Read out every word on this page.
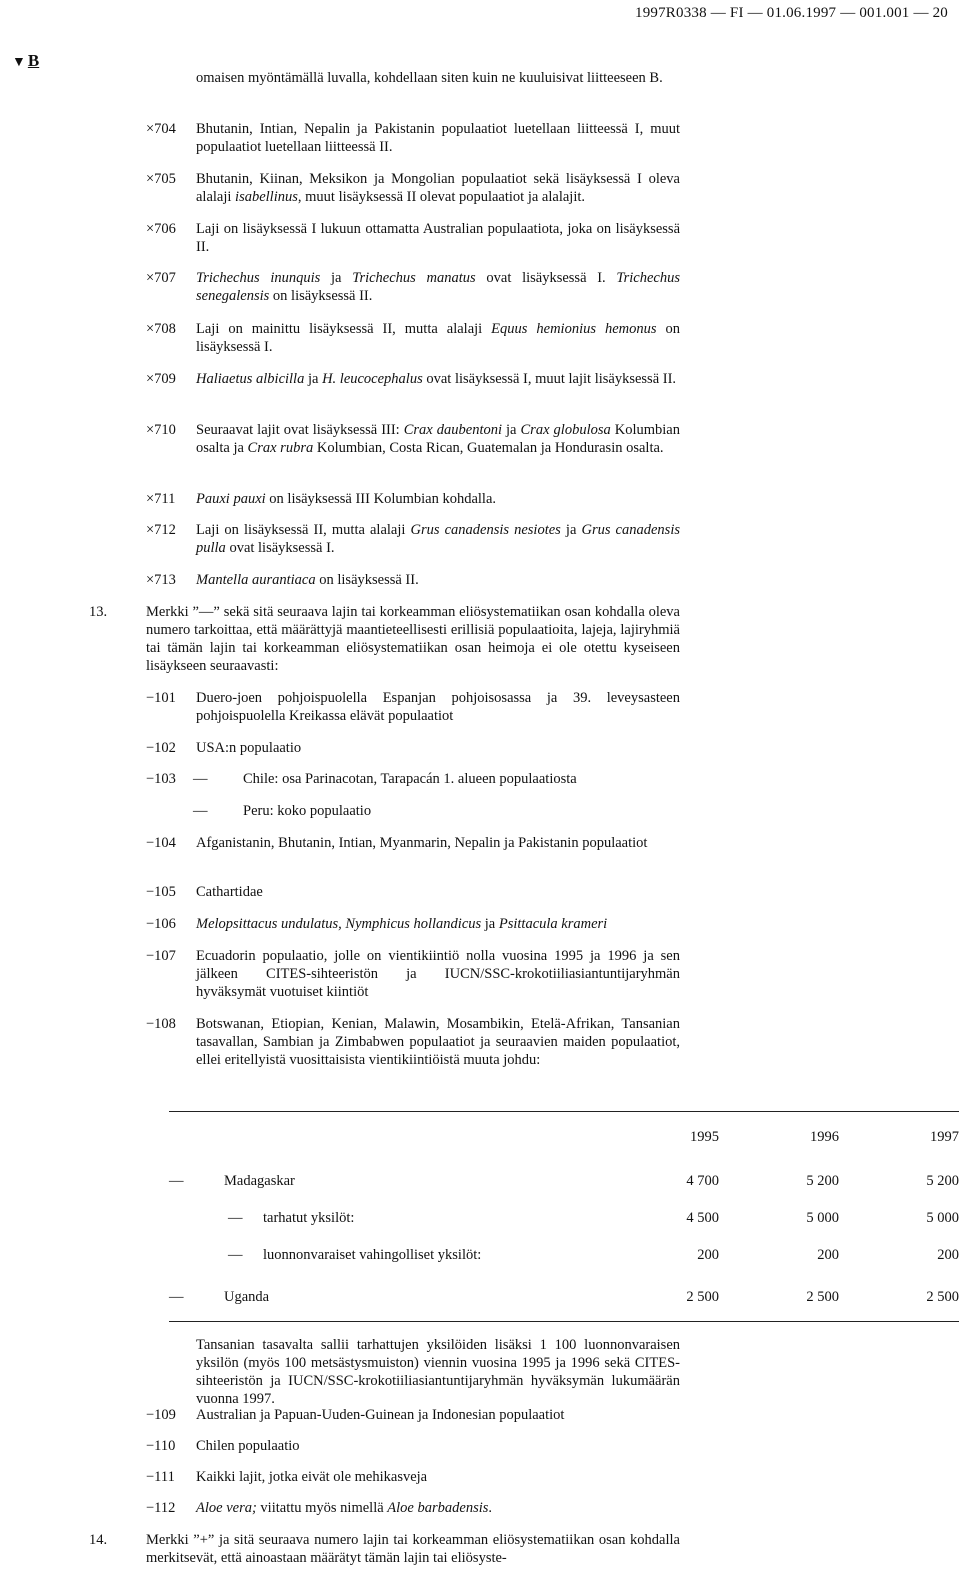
1997R0338 — FI — 01.06.1997 — 001.001 — 20
▼ B
omaisen myöntämällä luvalla, kohdellaan siten kuin ne kuuluisivat liitteeseen B.
×704	Bhutanin, Intian, Nepalin ja Pakistanin populaatiot luetellaan liitteessä I, muut populaatiot luetellaan liitteessä II.
×705	Bhutanin, Kiinan, Meksikon ja Mongolian populaatiot sekä lisäyksessä I oleva alalaji isabellinus, muut lisäyksessä II olevat populaatiot ja alalajit.
×706	Laji on lisäyksessä I lukuun ottamatta Australian populaatiota, joka on lisäyksessä II.
×707	Trichechus inunquis ja Trichechus manatus ovat lisäyksessä I. Trichechus senegalensis on lisäyksessä II.
×708	Laji on mainittu lisäyksessä II, mutta alalaji Equus hemionius hemonus on lisäyksessä I.
×709	Haliaetus albicilla ja H. leucocephalus ovat lisäyksessä I, muut lajit lisäyksessä II.
×710	Seuraavat lajit ovat lisäyksessä III: Crax daubentoni ja Crax globulosa Kolumbian osalta ja Crax rubra Kolumbian, Costa Rican, Guatemalan ja Hondurasin osalta.
×711	Pauxi pauxi on lisäyksessä III Kolumbian kohdalla.
×712	Laji on lisäyksessä II, mutta alalaji Grus canadensis nesiotes ja Grus canadensis pulla ovat lisäyksessä I.
×713	Mantella aurantiaca on lisäyksessä II.
13.	Merkki ”—” sekä sitä seuraava lajin tai korkeamman eliösystematiikan osan kohdalla oleva numero tarkoittaa, että määrättyjä maantieteellisesti erillisiä populaatioita, lajeja, lajiryhmiä tai tämän lajin tai korkeamman eliösystematiikan osan heimoja ei ole otettu kyseiseen lisäykseen seuraavasti:
−101	Duero-joen pohjoispuolella Espanjan pohjoisosassa ja 39. leveysasteen pohjoispuolella Kreikassa elävät populaatiot
−102	USA:n populaatio
−103	— Chile: osa Parinacotan, Tarapacán 1. alueen populaatiosta
— Peru: koko populaatio
−104	Afganistanin, Bhutanin, Intian, Myanmarin, Nepalin ja Pakistanin populaatiot
−105	Cathartidae
−106	Melopsittacus undulatus, Nymphicus hollandicus ja Psittacula krameri
−107	Ecuadorin populaatio, jolle on vientikiintiö nolla vuosina 1995 ja 1996 ja sen jälkeen CITES-sihteeristön ja IUCN/SSC-krokotiiliasiantuntijaryhmän hyväksymät vuotuiset kiintiöt
−108	Botswanan, Etiopian, Kenian, Malawin, Mosambikin, Etelä-Afrikan, Tansanian tasavallan, Sambian ja Zimbabwen populaatiot ja seuraavien maiden populaatiot, ellei eritellyistä vuosittaisista vientikiintiöistä muuta johdu:
	1995	1996	1997
— Madagaskar	4 700	5 200	5 200
— tarhatut yksilöt:	4 500	5 000	5 000
— luonnonvaraiset vahingolliset yksilöt:	200	200	200
— Uganda	2 500	2 500	2 500
Tansanian tasavalta sallii tarhattujen yksilöiden lisäksi 1 100 luonnonvaraisen yksilön (myös 100 metsästysmuiston) viennin vuosina 1995 ja 1996 sekä CITES-sihteeristön ja IUCN/SSC-krokotiiliasiantuntijaryhmän hyväksymän lukumäärän vuonna 1997.
−109	Australian ja Papuan-Uuden-Guinean ja Indonesian populaatiot
−110	Chilen populaatio
−111	Kaikki lajit, jotka eivät ole mehikasveja
−112	Aloe vera; viitattu myös nimellä Aloe barbadensis.
14.	Merkki ”+” ja sitä seuraava numero lajin tai korkeamman eliösystematiikan osan kohdalla merkitsevät, että ainoastaan määrätyt tämän lajin tai eliösyste-
